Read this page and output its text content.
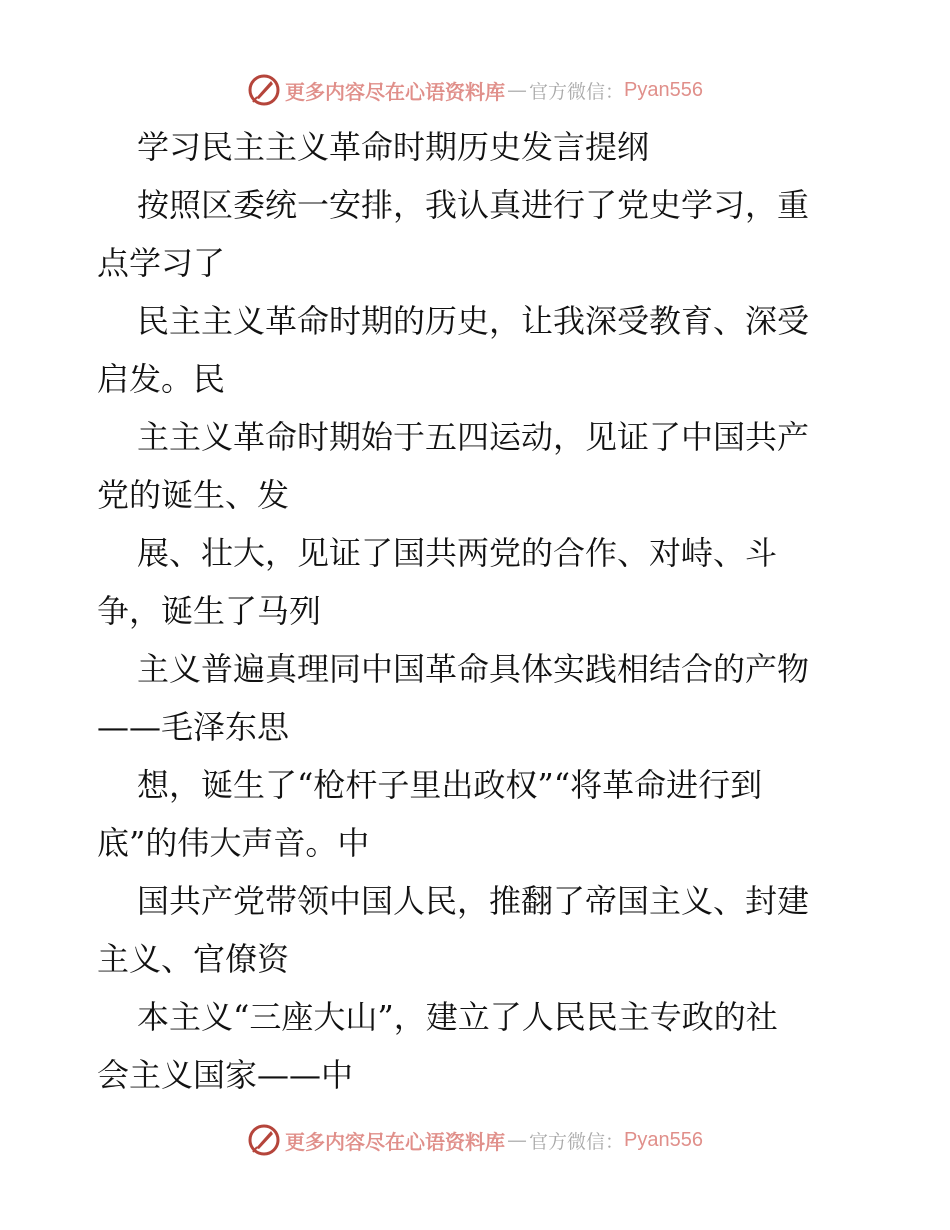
更多内容尽在心语资料库 — 官方微信： Pyan556
学习民主主义革命时期历史发言提纲
按照区委统一安排，我认真进行了党史学习，重
点学习了
民主主义革命时期的历史，让我深受教育、深受
启发。民
主主义革命时期始于五四运动，见证了中国共产
党的诞生、发
展、壮大，见证了国共两党的合作、对峙、斗
争，诞生了马列
主义普遍真理同中国革命具体实践相结合的产物
——毛泽东思
想，诞生了“枪杆子里出政权”“将革命进行到
底”的伟大声音。中
国共产党带领中国人民，推翻了帝国主义、封建
主义、官僚资
本主义“三座大山”，建立了人民民主专政的社
会主义国家——中
更多内容尽在心语资料库 — 官方微信： Pyan556
